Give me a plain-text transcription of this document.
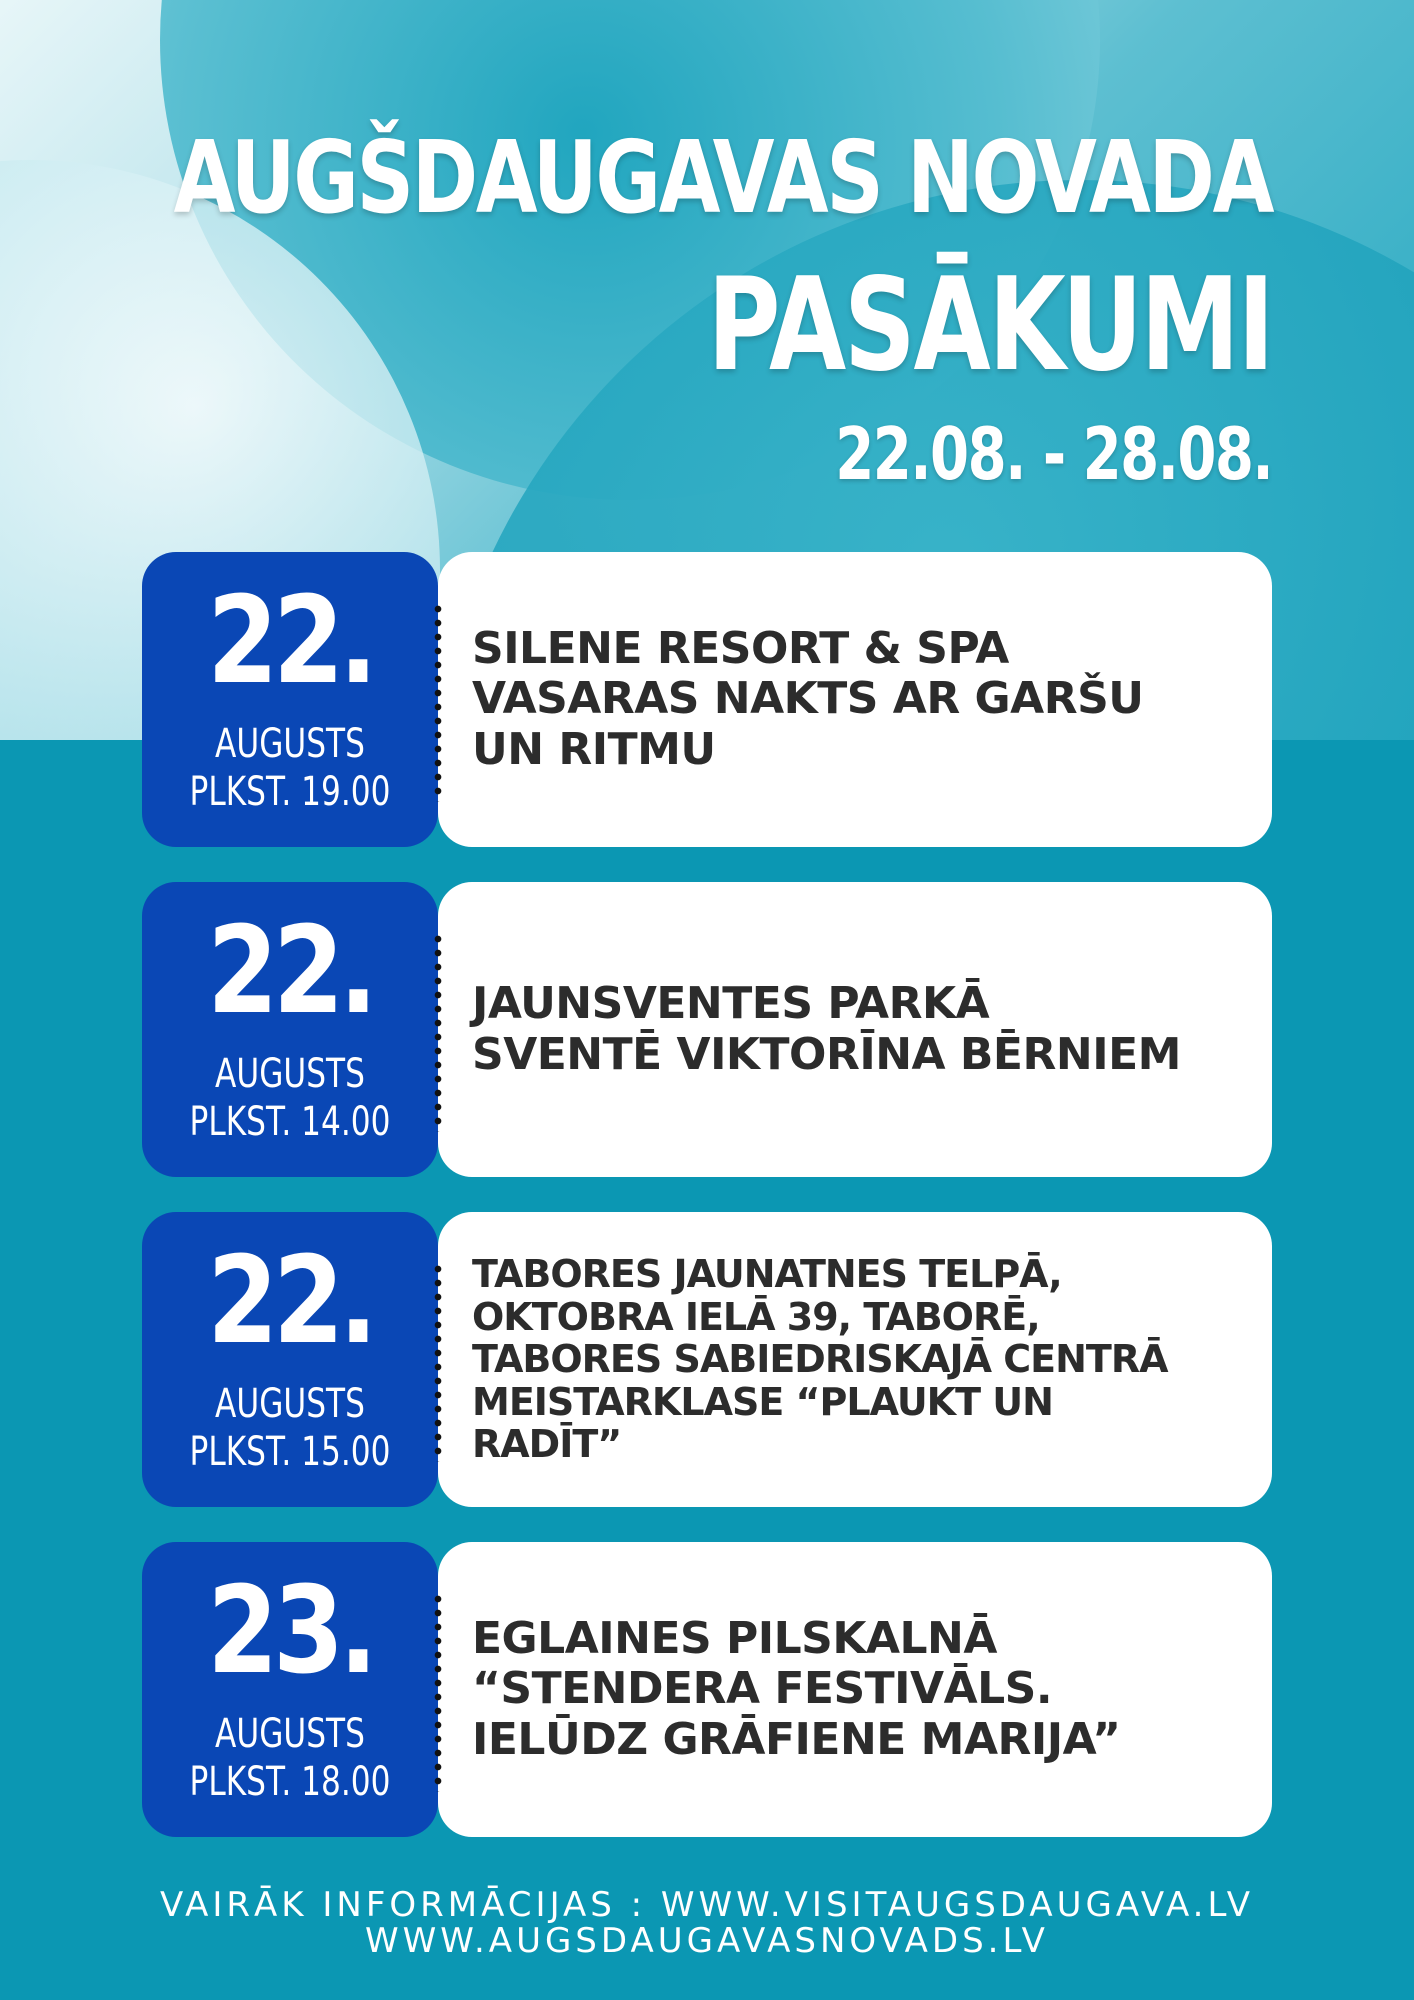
AUGŠDAUGAVAS NOVADA
PASĀKUMI
22.08. - 28.08.
22.
AUGUSTS
PLKST. 19.00

SILENE RESORT & SPA
VASARAS NAKTS AR GARŠU
UN RITMU

22.
AUGUSTS
PLKST. 14.00

JAUNSVENTES PARKĀ
SVENTĒ VIKTORĪNA BĒRNIEM

22.
AUGUSTS
PLKST. 15.00

TABORES JAUNATNES TELPĀ,
OKTOBRA IELĀ 39, TABORĒ,
TABORES SABIEDRISKAJĀ CENTRĀ
MEISTARKLASE “PLAUKT UN
RADĪT”

23.
AUGUSTS
PLKST. 18.00

EGLAINES PILSKALNĀ
“STENDERA FESTIVĀLS.
IELŪDZ GRĀFIENE MARIJA”

VAIRĀK INFORMĀCIJAS : WWW.VISITAUGSDAUGAVA.LV
WWW.AUGSDAUGAVASNOVADS.LV
